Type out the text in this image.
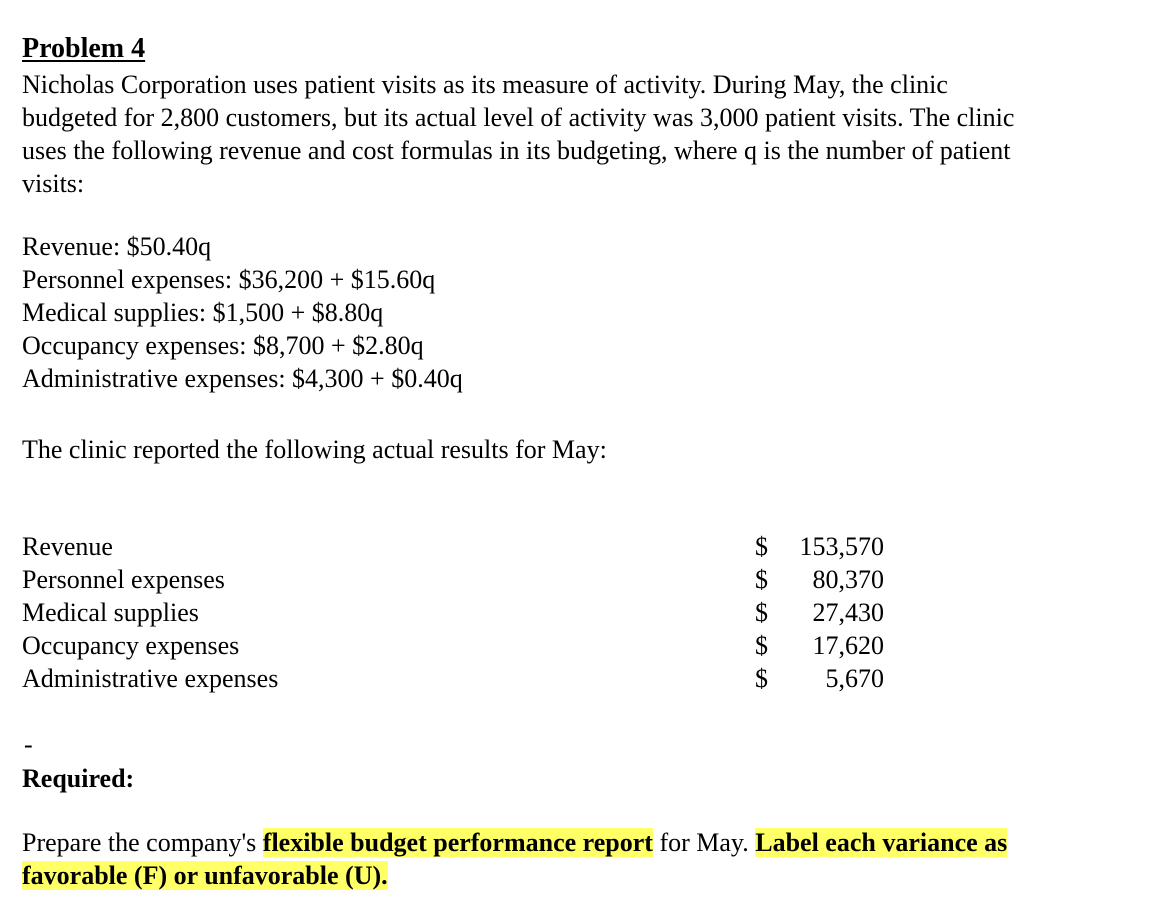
Problem 4
Nicholas Corporation uses patient visits as its measure of activity. During May, the clinic
budgeted for 2,800 customers, but its actual level of activity was 3,000 patient visits. The clinic
uses the following revenue and cost formulas in its budgeting, where q is the number of patient
visits:
Revenue: $50.40q
Personnel expenses: $36,200 + $15.60q
Medical supplies: $1,500 + $8.80q
Occupancy expenses: $8,700 + $2.80q
Administrative expenses: $4,300 + $0.40q
The clinic reported the following actual results for May:
Revenue	$ 153,570
Personnel expenses	$ 80,370
Medical supplies	$ 27,430
Occupancy expenses	$ 17,620
Administrative expenses	$ 5,670
-
Required:
Prepare the company's flexible budget performance report for May. Label each variance as
favorable (F) or unfavorable (U).
